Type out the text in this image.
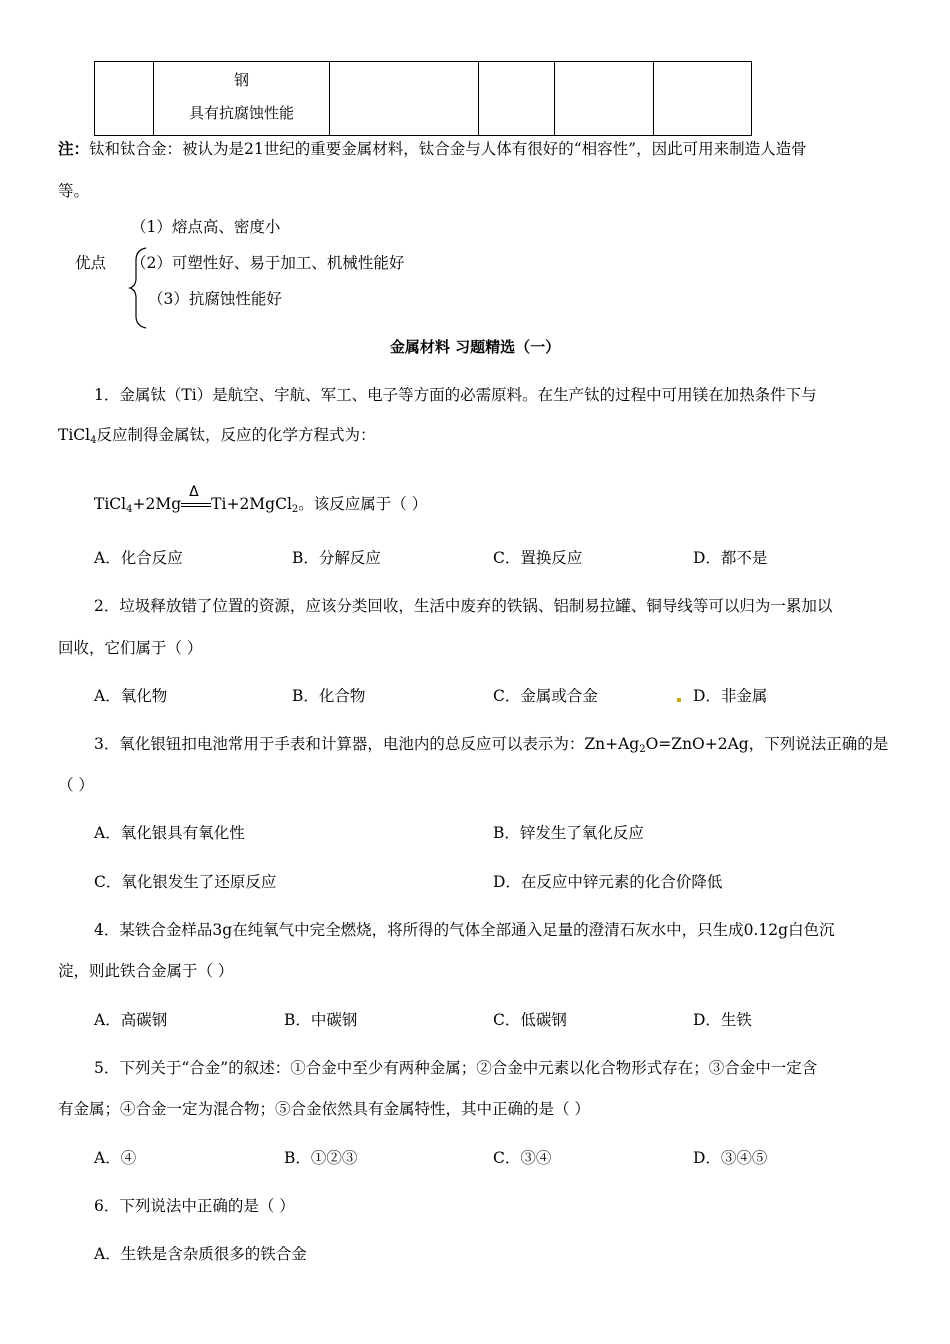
钢
具有抗腐蚀性能

注：钛和钛合金：被认为是21世纪的重要金属材料，钛合金与人体有很好的“相容性”，因此可用来制造人造骨
等。
（1）熔点高、密度小
优点 （2）可塑性好、易于加工、机械性能好
（3）抗腐蚀性能好
金属材料 习题精选（一）
1．金属钛（Ti）是航空、宇航、军工、电子等方面的必需原料。在生产钛的过程中可用镁在加热条件下与
TiCl$_4$反应制得金属钛，反应的化学方程式为：
TiCl$_4$+2Mg
Δ
Ti+2MgCl$_2$。该反应属于（ ）
A．化合反应	B．分解反应	C．置换反应	D．都不是
2．垃圾释放错了位置的资源，应该分类回收，生活中废弃的铁锅、铝制易拉罐、铜导线等可以归为一累加以
回收，它们属于（ ）
A．氧化物	B．化合物	C．金属或合金	D．非金属
3．氧化银钮扣电池常用于手表和计算器，电池内的总反应可以表示为：$Zn+Ag_2O=ZnO+2Ag$，下列说法正确的是
（ ）
A．氧化银具有氧化性	B．锌发生了氧化反应
C．氧化银发生了还原反应	D．在反应中锌元素的化合价降低
4．某铁合金样品3g在纯氧气中完全燃烧，将所得的气体全部通入足量的澄清石灰水中，只生成0.12g白色沉
淀，则此铁合金属于（ ）
A．高碳钢	B．中碳钢	C．低碳钢	D．生铁
5．下列关于“合金”的叙述：①合金中至少有两种金属；②合金中元素以化合物形式存在；③合金中一定含
有金属；④合金一定为混合物；⑤合金依然具有金属特性，其中正确的是（ ）
A．④	B．①②③	C．③④	D．③④⑤
6．下列说法中正确的是（ ）
A．生铁是含杂质很多的铁合金
